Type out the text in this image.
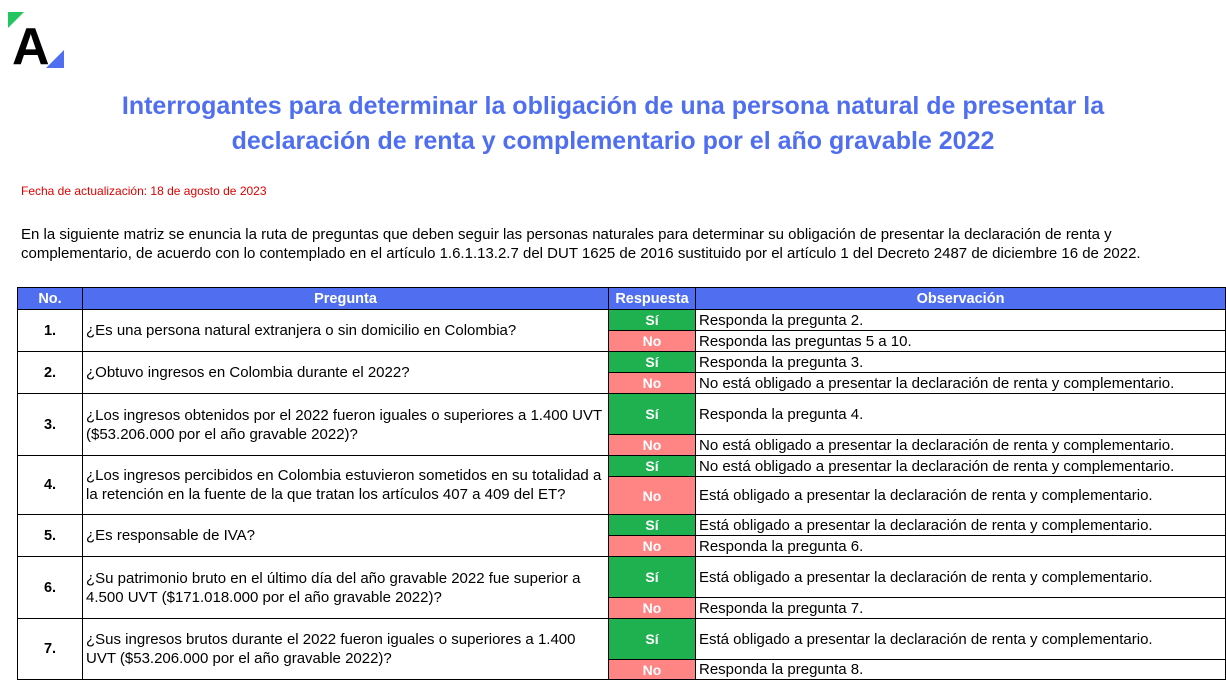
A
Interrogantes para determinar la obligación de una persona natural de presentar la
declaración de renta y complementario por el año gravable 2022
Fecha de actualización: 18 de agosto de 2023
En la siguiente matriz se enuncia la ruta de preguntas que deben seguir las personas naturales para determinar su obligación de presentar la declaración de renta y
complementario, de acuerdo con lo contemplado en el artículo 1.6.1.13.2.7 del DUT 1625 de 2016 sustituido por el artículo 1 del Decreto 2487 de diciembre 16 de 2022.
No.	Pregunta	Respuesta	Observación
1.	¿Es una persona natural extranjera o sin domicilio en Colombia?	Sí	Responda la pregunta 2.
		No	Responda las preguntas 5 a 10.
2.	¿Obtuvo ingresos en Colombia durante el 2022?	Sí	Responda la pregunta 3.
		No	No está obligado a presentar la declaración de renta y complementario.
3.	¿Los ingresos obtenidos por el 2022 fueron iguales o superiores a 1.400 UVT ($53.206.000 por el año gravable 2022)?	Sí	Responda la pregunta 4.
		No	No está obligado a presentar la declaración de renta y complementario.
4.	¿Los ingresos percibidos en Colombia estuvieron sometidos en su totalidad a la retención en la fuente de la que tratan los artículos 407 a 409 del ET?	Sí	No está obligado a presentar la declaración de renta y complementario.
		No	Está obligado a presentar la declaración de renta y complementario.
5.	¿Es responsable de IVA?	Sí	Está obligado a presentar la declaración de renta y complementario.
		No	Responda la pregunta 6.
6.	¿Su patrimonio bruto en el último día del año gravable 2022 fue superior a 4.500 UVT ($171.018.000 por el año gravable 2022)?	Sí	Está obligado a presentar la declaración de renta y complementario.
		No	Responda la pregunta 7.
7.	¿Sus ingresos brutos durante el 2022 fueron iguales o superiores a 1.400 UVT ($53.206.000 por el año gravable 2022)?	Sí	Está obligado a presentar la declaración de renta y complementario.
		No	Responda la pregunta 8.
